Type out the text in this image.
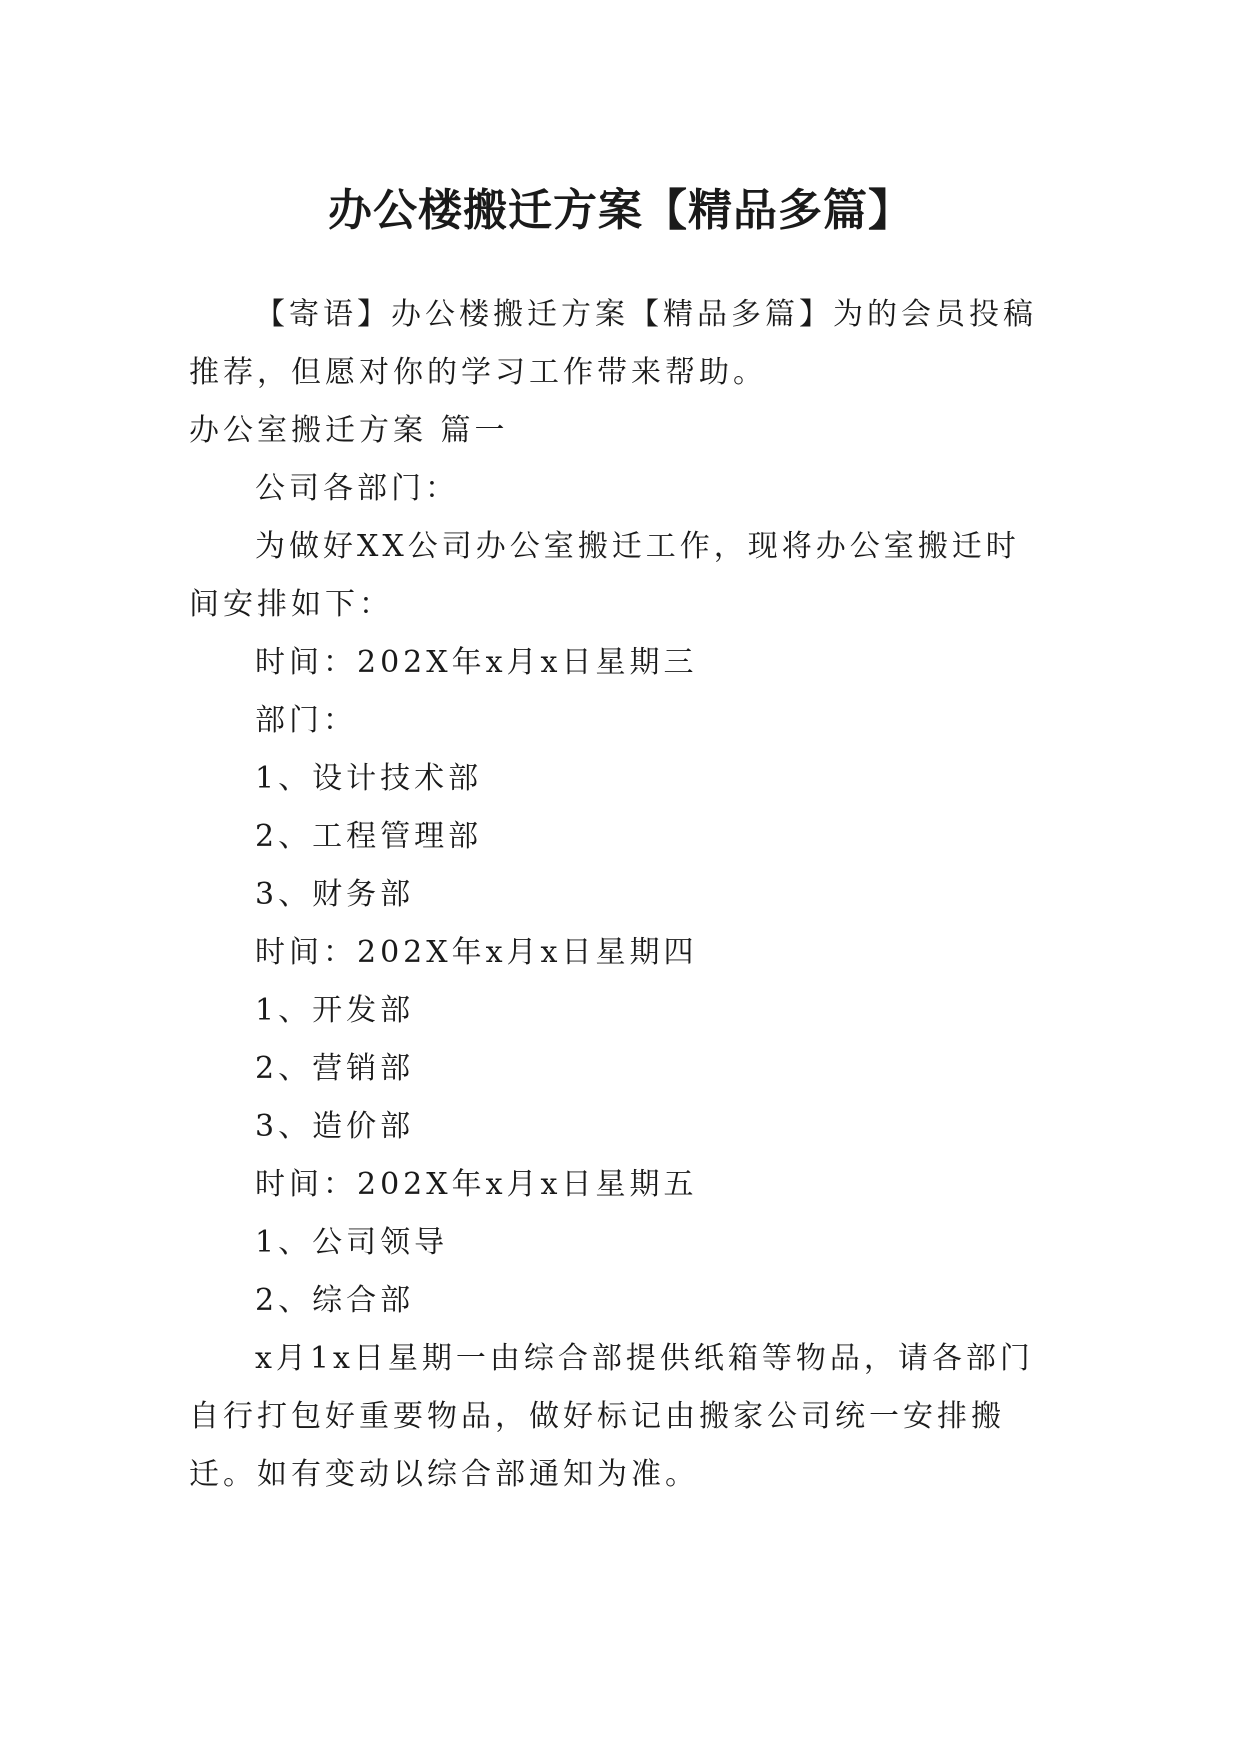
办公楼搬迁方案【精品多篇】

【寄语】办公楼搬迁方案【精品多篇】为的会员投稿推荐，但愿对你的学习工作带来帮助。

办公室搬迁方案 篇一

公司各部门：

为做好XX公司办公室搬迁工作，现将办公室搬迁时间安排如下：

时间：202X年x月x日星期三

部门：

1、设计技术部

2、工程管理部

3、财务部

时间：202X年x月x日星期四

1、开发部

2、营销部

3、造价部

时间：202X年x月x日星期五

1、公司领导

2、综合部

x月1x日星期一由综合部提供纸箱等物品，请各部门自行打包好重要物品，做好标记由搬家公司统一安排搬迁。如有变动以综合部通知为准。
